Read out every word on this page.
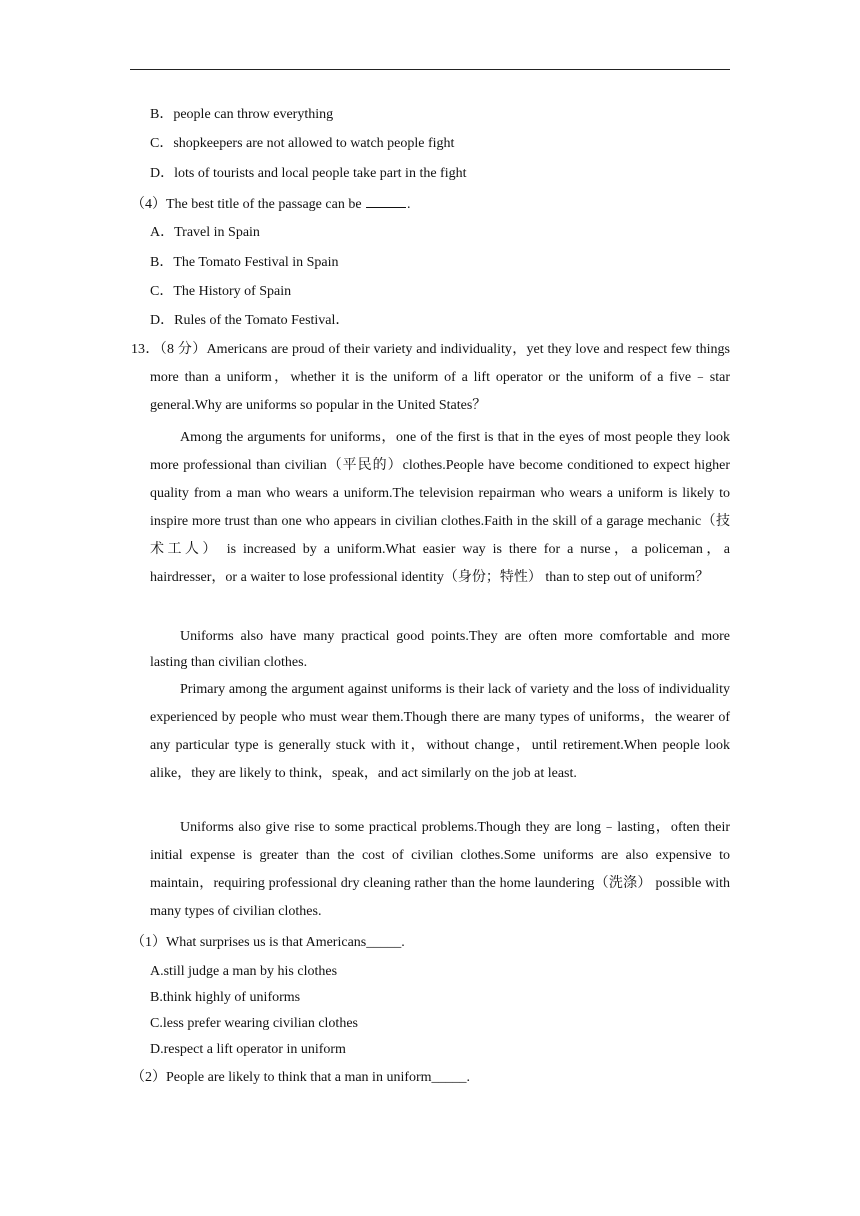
B．people can throw everything
C．shopkeepers are not allowed to watch people fight
D．lots of tourists and local people take part in the fight
（4）The best title of the passage can be	.
A．Travel in Spain
B．The Tomato Festival in Spain
C．The History of Spain
D．Rules of the Tomato Festival．
13．（8 分）Americans are proud of their variety and individuality，yet they love and respect few things more than a uniform，whether it is the uniform of a lift operator or the uniform of a five﹣star general.Why are uniforms so popular in the United States？
Among the arguments for uniforms，one of the first is that in the eyes of most people they look more professional than civilian（平民的）clothes.People have become conditioned to expect higher quality from a man who wears a uniform.The television repairman who wears a uniform is likely to inspire more trust than one who appears in civilian clothes.Faith in the skill of a garage mechanic（技术工人） is increased by a uniform.What easier way is there for a nurse，a policeman，a hairdresser，or a waiter to lose professional identity（身份；特性） than to step out of uniform？
Uniforms also have many practical good points.They are often more comfortable and more lasting than civilian clothes.
Primary among the argument against uniforms is their lack of variety and the loss of individuality experienced by people who must wear them.Though there are many types of uniforms，the wearer of any particular type is generally stuck with it，without change，until retirement.When people look alike，they are likely to think，speak，and act similarly on the job at least.
Uniforms also give rise to some practical problems.Though they are long﹣lasting，often their initial expense is greater than the cost of civilian clothes.Some uniforms are also expensive to maintain，requiring professional dry cleaning rather than the home laundering（洗涤） possible with many types of civilian clothes.
（1）What surprises us is that Americans_____.
A.still judge a man by his clothes
B.think highly of uniforms
C.less prefer wearing civilian clothes
D.respect a lift operator in uniform
（2）People are likely to think that a man in uniform_____.
